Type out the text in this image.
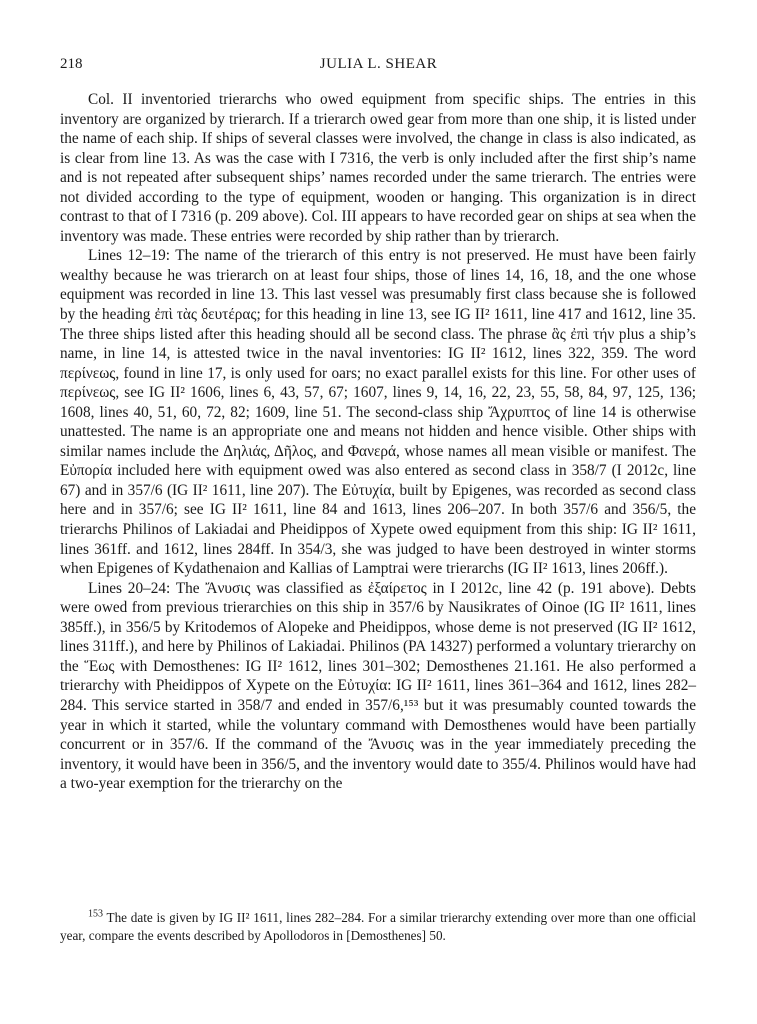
218	JULIA L. SHEAR

Col. II inventoried trierarchs who owed equipment from specific ships. The entries in this inventory are organized by trierarch. If a trierarch owed gear from more than one ship, it is listed under the name of each ship. If ships of several classes were involved, the change in class is also indicated, as is clear from line 13. As was the case with I 7316, the verb is only included after the first ship’s name and is not repeated after subsequent ships’ names recorded under the same trierarch. The entries were not divided according to the type of equipment, wooden or hanging. This organization is in direct contrast to that of I 7316 (p. 209 above). Col. III appears to have recorded gear on ships at sea when the inventory was made. These entries were recorded by ship rather than by trierarch.

Lines 12–19: The name of the trierarch of this entry is not preserved. He must have been fairly wealthy because he was trierarch on at least four ships, those of lines 14, 16, 18, and the one whose equipment was recorded in line 13. This last vessel was presumably first class because she is followed by the heading ἐπὶ τὰς δευτέρας; for this heading in line 13, see IG II² 1611, line 417 and 1612, line 35. The three ships listed after this heading should all be second class. The phrase ἃς ἐπὶ τήν plus a ship’s name, in line 14, is attested twice in the naval inventories: IG II² 1612, lines 322, 359. The word περίνεως, found in line 17, is only used for oars; no exact parallel exists for this line. For other uses of περίνεως, see IG II² 1606, lines 6, 43, 57, 67; 1607, lines 9, 14, 16, 22, 23, 55, 58, 84, 97, 125, 136; 1608, lines 40, 51, 60, 72, 82; 1609, line 51. The second-class ship Ἄχρυπτος of line 14 is otherwise unattested. The name is an appropriate one and means not hidden and hence visible. Other ships with similar names include the Δηλιάς, Δῆλος, and Φανερά, whose names all mean visible or manifest. The Εὐπορία included here with equipment owed was also entered as second class in 358/7 (I 2012c, line 67) and in 357/6 (IG II² 1611, line 207). The Εὐτυχία, built by Epigenes, was recorded as second class here and in 357/6; see IG II² 1611, line 84 and 1613, lines 206–207. In both 357/6 and 356/5, the trierarchs Philinos of Lakiadai and Pheidippos of Xypete owed equipment from this ship: IG II² 1611, lines 361ff. and 1612, lines 284ff. In 354/3, she was judged to have been destroyed in winter storms when Epigenes of Kydathenaion and Kallias of Lamptrai were trierarchs (IG II² 1613, lines 206ff.).

Lines 20–24: The Ἄνυσις was classified as ἐξαίρετος in I 2012c, line 42 (p. 191 above). Debts were owed from previous trierarchies on this ship in 357/6 by Nausikrates of Oinoe (IG II² 1611, lines 385ff.), in 356/5 by Kritodemos of Alopeke and Pheidippos, whose deme is not preserved (IG II² 1612, lines 311ff.), and here by Philinos of Lakiadai. Philinos (PA 14327) performed a voluntary trierarchy on the Ἕως with Demosthenes: IG II² 1612, lines 301–302; Demosthenes 21.161. He also performed a trierarchy with Pheidippos of Xypete on the Εὐτυχία: IG II² 1611, lines 361–364 and 1612, lines 282–284. This service started in 358/7 and ended in 357/6,¹⁵³ but it was presumably counted towards the year in which it started, while the voluntary command with Demosthenes would have been partially concurrent or in 357/6. If the command of the Ἄνυσις was in the year immediately preceding the inventory, it would have been in 356/5, and the inventory would date to 355/4. Philinos would have had a two-year exemption for the trierarchy on the

$^{153}$ The date is given by IG II² 1611, lines 282–284. For a similar trierarchy extending over more than one official year, compare the events described by Apollodoros in [Demosthenes] 50.
